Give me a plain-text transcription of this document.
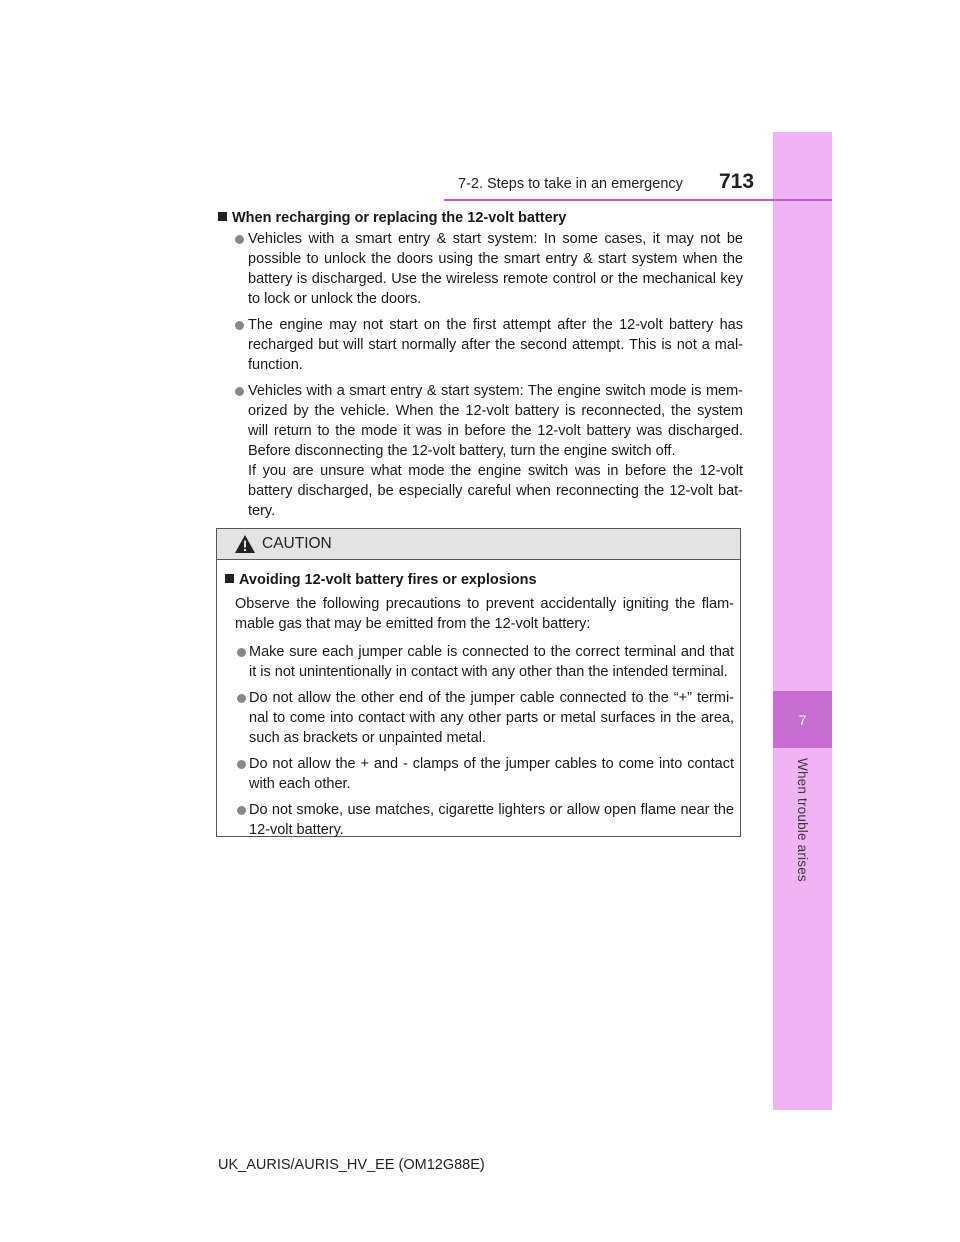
7
When trouble arises
7-2. Steps to take in an emergency 713

When recharging or replacing the 12-volt battery

Vehicles with a smart entry & start system: In some cases, it may not be possible to unlock the doors using the smart entry & start system when the battery is discharged. Use the wireless remote control or the mechanical key to lock or unlock the doors.

The engine may not start on the first attempt after the 12-volt battery has recharged but will start normally after the second attempt. This is not a mal-function.

Vehicles with a smart entry & start system: The engine switch mode is mem-orized by the vehicle. When the 12-volt battery is reconnected, the system will return to the mode it was in before the 12-volt battery was discharged. Before disconnecting the 12-volt battery, turn the engine switch off.

If you are unsure what mode the engine switch was in before the 12-volt battery discharged, be especially careful when reconnecting the 12-volt bat-tery.

CAUTION

Avoiding 12-volt battery fires or explosions

Observe the following precautions to prevent accidentally igniting the flam-mable gas that may be emitted from the 12-volt battery:

Make sure each jumper cable is connected to the correct terminal and that it is not unintentionally in contact with any other than the intended terminal.

Do not allow the other end of the jumper cable connected to the “+” termi-nal to come into contact with any other parts or metal surfaces in the area, such as brackets or unpainted metal.

Do not allow the + and - clamps of the jumper cables to come into contact with each other.

Do not smoke, use matches, cigarette lighters or allow open flame near the 12-volt battery.

UK_AURIS/AURIS_HV_EE (OM12G88E)
